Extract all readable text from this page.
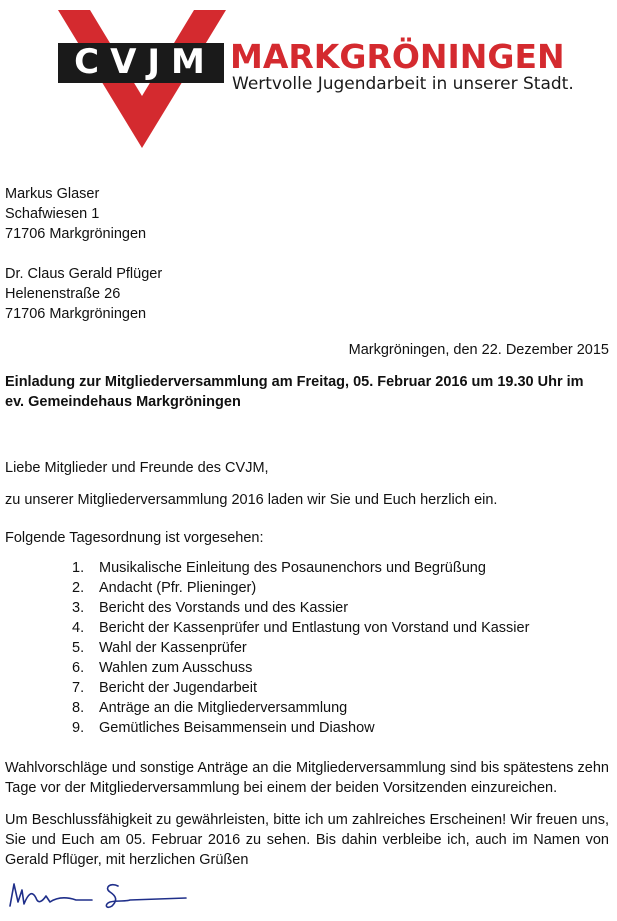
CVJM MARKGRÖNINGEN
Wertvolle Jugendarbeit in unserer Stadt.
Markus Glaser
Schafwiesen 1
71706 Markgröningen
Dr. Claus Gerald Pflüger
Helenenstraße 26
71706 Markgröningen
Markgröningen, den 22. Dezember 2015
Einladung zur Mitgliederversammlung am Freitag, 05. Februar 2016 um 19.30 Uhr im
ev. Gemeindehaus Markgröningen
Liebe Mitglieder und Freunde des CVJM,
zu unserer Mitgliederversammlung 2016 laden wir Sie und Euch herzlich ein.
Folgende Tagesordnung ist vorgesehen:
1.	Musikalische Einleitung des Posaunenchors und Begrüßung
2.	Andacht (Pfr. Plieninger)
3.	Bericht des Vorstands und des Kassier
4.	Bericht der Kassenprüfer und Entlastung von Vorstand und Kassier
5.	Wahl der Kassenprüfer
6.	Wahlen zum Ausschuss
7.	Bericht der Jugendarbeit
8.	Anträge an die Mitgliederversammlung
9.	Gemütliches Beisammensein und Diashow
Wahlvorschläge und sonstige Anträge an die Mitgliederversammlung sind bis spätestens zehn Tage vor der Mitgliederversammlung bei einem der beiden Vorsitzenden einzureichen.
Um Beschlussfähigkeit zu gewährleisten, bitte ich um zahlreiches Erscheinen! Wir freuen uns, Sie und Euch am 05. Februar 2016 zu sehen. Bis dahin verbleibe ich, auch im Namen von Gerald Pflüger, mit herzlichen Grüßen
